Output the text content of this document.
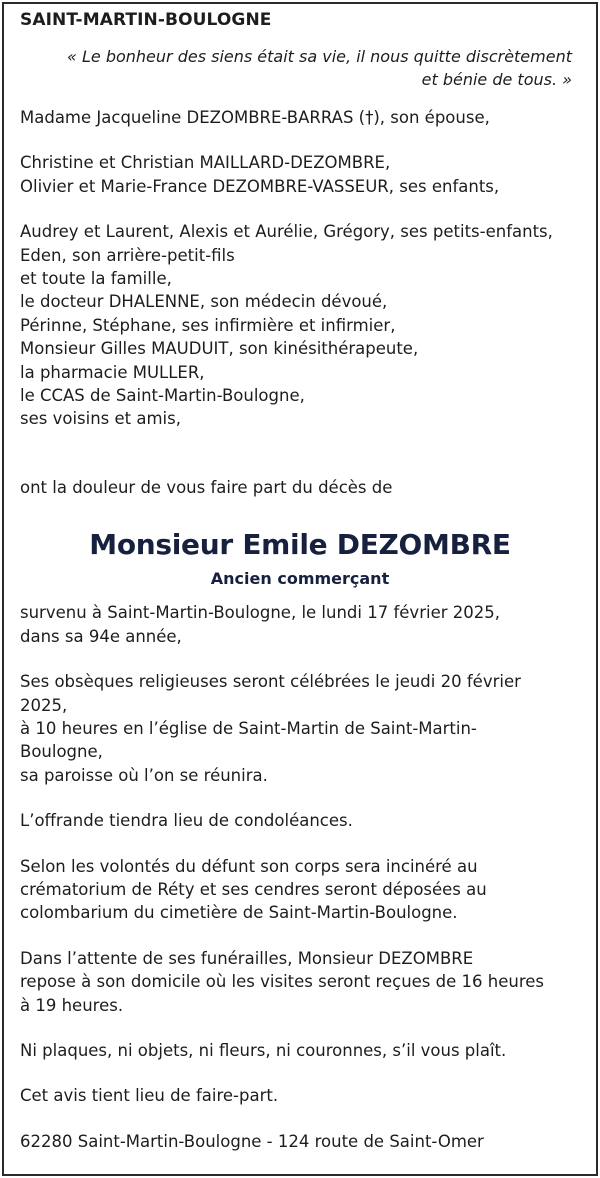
SAINT-MARTIN-BOULOGNE

« Le bonheur des siens était sa vie, il nous quitte discrètement
et bénie de tous. »

Madame Jacqueline DEZOMBRE-BARRAS (†), son épouse,

Christine et Christian MAILLARD-DEZOMBRE,

Olivier et Marie-France DEZOMBRE-VASSEUR, ses enfants,

Audrey et Laurent, Alexis et Aurélie, Grégory, ses petits-enfants,

Eden, son arrière-petit-fils

et toute la famille,

le docteur DHALENNE, son médecin dévoué,

Périnne, Stéphane, ses infirmière et infirmier,

Monsieur Gilles MAUDUIT, son kinésithérapeute,

la pharmacie MULLER,

le CCAS de Saint-Martin-Boulogne,

ses voisins et amis,

ont la douleur de vous faire part du décès de

Monsieur Emile DEZOMBRE

Ancien commerçant

survenu à Saint-Martin-Boulogne, le lundi 17 février 2025,

dans sa 94e année,

Ses obsèques religieuses seront célébrées le jeudi 20 février

2025,

à 10 heures en l’église de Saint-Martin de Saint-Martin-

Boulogne,

sa paroisse où l’on se réunira.

L’offrande tiendra lieu de condoléances.

Selon les volontés du défunt son corps sera incinéré au

crématorium de Réty et ses cendres seront déposées au

colombarium du cimetière de Saint-Martin-Boulogne.

Dans l’attente de ses funérailles, Monsieur DEZOMBRE

repose à son domicile où les visites seront reçues de 16 heures

à 19 heures.

Ni plaques, ni objets, ni fleurs, ni couronnes, s’il vous plaît.

Cet avis tient lieu de faire-part.

62280 Saint-Martin-Boulogne - 124 route de Saint-Omer
